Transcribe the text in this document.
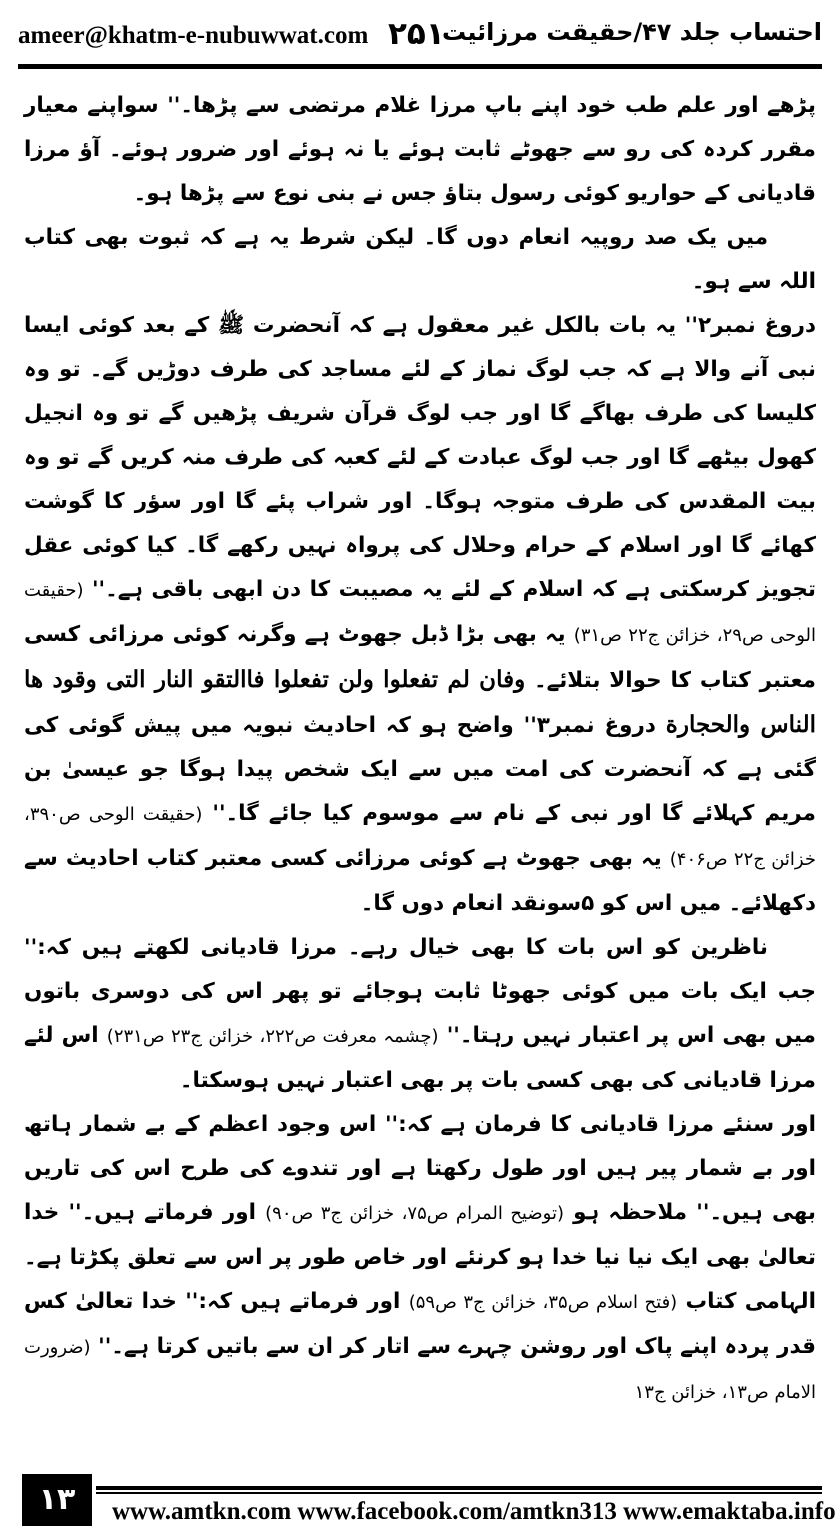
ameer@khatm-e-nubuwwat.com ۲۵۱
احتساب جلد ۴۷/حقیقت مرزائیت

پڑھے اور علم طب خود اپنے باپ مرزا غلام مرتضی سے پڑھا۔'' سواپنے معیار مقرر کردہ کی رو سے جھوٹے ثابت ہوئے یا نہ ہوئے اور ضرور ہوئے۔ آؤ مرزا قادیانی کے حواریو کوئی رسول بتاؤ جس نے بنی نوع سے پڑھا ہو۔

میں یک صد روپیہ انعام دوں گا۔ لیکن شرط یہ ہے کہ ثبوت بھی کتاب اللہ سے ہو۔

دروغ نمبر۲'' یہ بات بالکل غیر معقول ہے کہ آنحضرت ﷺ کے بعد کوئی ایسا نبی آنے والا ہے کہ جب لوگ نماز کے لئے مساجد کی طرف دوڑیں گے۔ تو وہ کلیسا کی طرف بھاگے گا اور جب لوگ قرآن شریف پڑھیں گے تو وہ انجیل کھول بیٹھے گا اور جب لوگ عبادت کے لئے کعبہ کی طرف منہ کریں گے تو وہ بیت المقدس کی طرف متوجہ ہوگا۔ اور شراب پئے گا اور سؤر کا گوشت کھائے گا اور اسلام کے حرام وحلال کی پرواہ نہیں رکھے گا۔ کیا کوئی عقل تجویز کرسکتی ہے کہ اسلام کے لئے یہ مصیبت کا دن ابھی باقی ہے۔'' (حقیقت الوحی ص۲۹، خزائن ج۲۲ ص۳۱) یہ بھی بڑا ڈبل جھوٹ ہے وگرنہ کوئی مرزائی کسی معتبر کتاب کا حوالا بتلائے۔ وفان لم تفعلوا ولن تفعلوا فاالتقو النار التی وقود ھا الناس والحجارة دروغ نمبر۳'' واضح ہو کہ احادیث نبویہ میں پیش گوئی کی گئی ہے کہ آنحضرت کی امت میں سے ایک شخص پیدا ہوگا جو عیسیٰ بن مریم کہلائے گا اور نبی کے نام سے موسوم کیا جائے گا۔'' (حقیقت الوحی ص۳۹۰، خزائن ج۲۲ ص۴۰۶) یہ بھی جھوٹ ہے کوئی مرزائی کسی معتبر کتاب احادیث سے دکھلائے۔ میں اس کو ۵سونقد انعام دوں گا۔

ناظرین کو اس بات کا بھی خیال رہے۔ مرزا قادیانی لکھتے ہیں کہ:'' جب ایک بات میں کوئی جھوٹا ثابت ہوجائے تو پھر اس کی دوسری باتوں میں بھی اس پر اعتبار نہیں رہتا۔'' (چشمہ معرفت ص۲۲۲، خزائن ج۲۳ ص۲۳۱) اس لئے مرزا قادیانی کی بھی کسی بات پر بھی اعتبار نہیں ہوسکتا۔

اور سنئے مرزا قادیانی کا فرمان ہے کہ:'' اس وجود اعظم کے بے شمار ہاتھ اور بے شمار پیر ہیں اور طول رکھتا ہے اور تندوے کی طرح اس کی تاریں بھی ہیں۔'' ملاحظہ ہو (توضیح المرام ص۷۵، خزائن ج۳ ص۹۰) اور فرماتے ہیں۔'' خدا تعالیٰ بھی ایک نیا نیا خدا ہو کرنئے اور خاص طور پر اس سے تعلق پکڑتا ہے۔ الہامی کتاب (فتح اسلام ص۳۵، خزائن ج۳ ص۵۹) اور فرماتے ہیں کہ:'' خدا تعالیٰ کس قدر پردہ اپنے پاک اور روشن چہرے سے اتار کر ان سے باتیں کرتا ہے۔'' (ضرورت الامام ص۱۳، خزائن ج۱۳

۱۳	www.amtkn.com www.facebook.com/amtkn313 www.emaktaba.info
